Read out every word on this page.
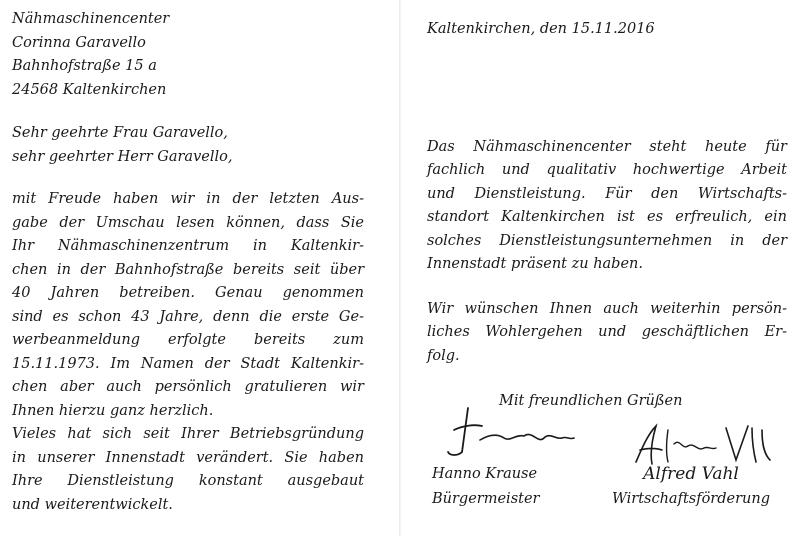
Nähmaschinencenter
Corinna Garavello
Bahnhofstraße 15 a
24568 Kaltenkirchen
Sehr geehrte Frau Garavello,
sehr geehrter Herr Garavello,
mit Freude haben wir in der letzten Aus-
gabe der Umschau lesen können, dass Sie
Ihr Nähmaschinenzentrum in Kaltenkir-
chen in der Bahnhofstraße bereits seit über
40 Jahren betreiben. Genau genommen
sind es schon 43 Jahre, denn die erste Ge-
werbeanmeldung erfolgte bereits zum
15.11.1973. Im Namen der Stadt Kaltenkir-
chen aber auch persönlich gratulieren wir
Ihnen hierzu ganz herzlich.
Vieles hat sich seit Ihrer Betriebsgründung
in unserer Innenstadt verändert. Sie haben
Ihre Dienstleistung konstant ausgebaut
und weiterentwickelt.
Kaltenkirchen, den 15.11.2016
Das Nähmaschinencenter steht heute für
fachlich und qualitativ hochwertige Arbeit
und Dienstleistung. Für den Wirtschafts-
standort Kaltenkirchen ist es erfreulich, ein
solches Dienstleistungsunternehmen in der
Innenstadt präsent zu haben.
Wir wünschen Ihnen auch weiterhin persön-
liches Wohlergehen und geschäftlichen Er-
folg.
Mit freundlichen Grüßen
Hanno Krause
Bürgermeister
Alfred Vahl
Wirtschaftsförderung
